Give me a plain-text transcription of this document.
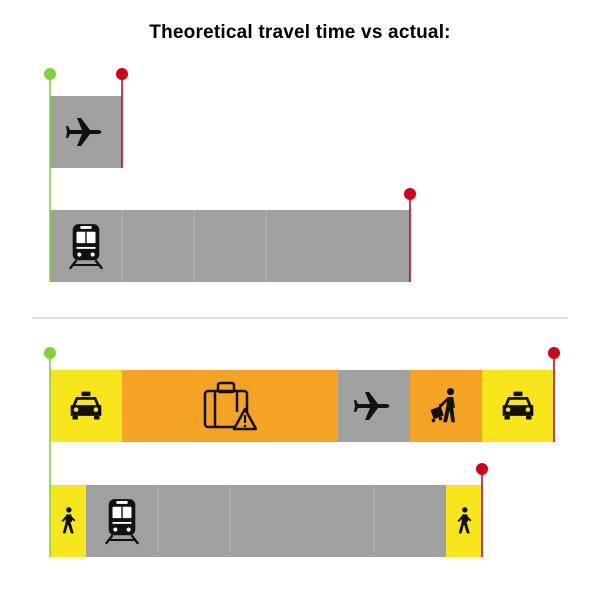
Theoretical travel time vs actual:
